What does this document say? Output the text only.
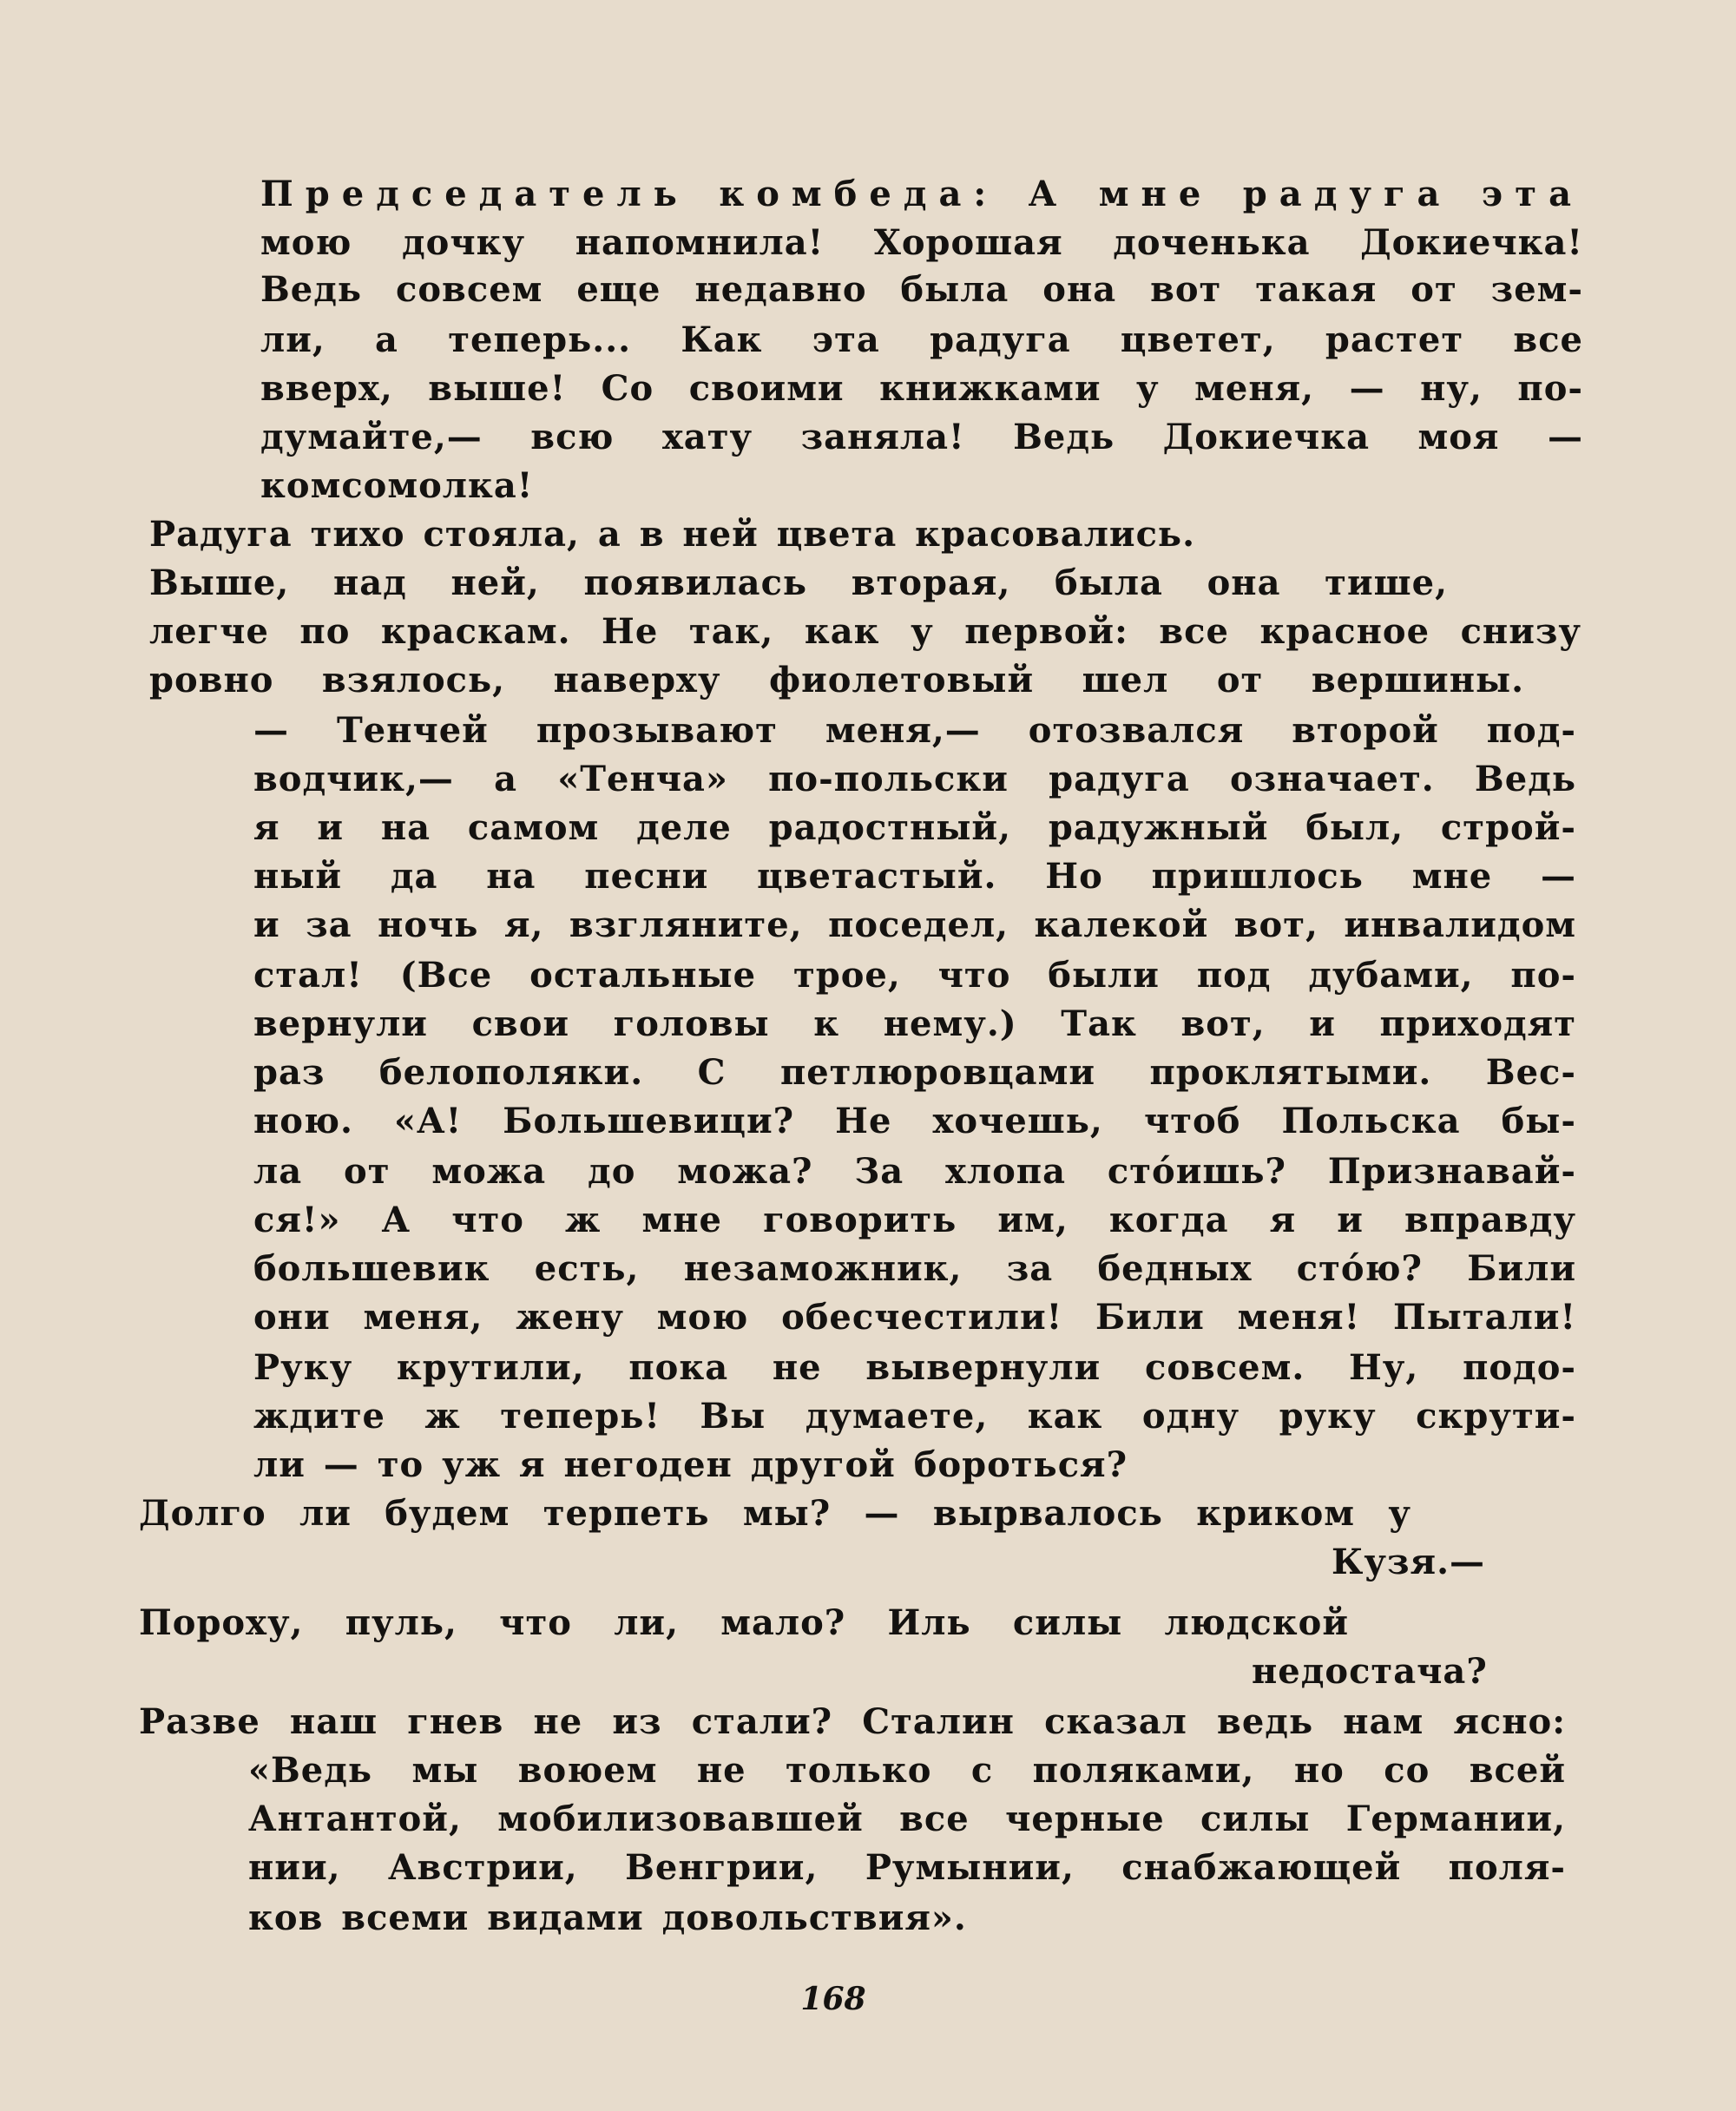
Председатель комбеда: А мне радуга эта
мою дочку напомнила! Хорошая доченька Докиечка!
Ведь совсем еще недавно была она вот такая от зем-
ли, а теперь... Как эта радуга цветет, растет все
вверх, выше! Со своими книжками у меня, — ну, по-
думайте,— всю хату заняла! Ведь Докиечка моя —
комсомолка!
Радуга тихо стояла, а в ней цвета красовались.
Выше, над ней, появилась вторая, была она тише,
легче по краскам. Не так, как у первой: все красное снизу
ровно взялось, наверху фиолетовый шел от вершины.
— Тенчей прозывают меня,— отозвался второй под-
водчик,— а «Тенча» по-польски радуга означает. Ведь
я и на самом деле радостный, радужный был, строй-
ный да на песни цветастый. Но пришлось мне —
и за ночь я, взгляните, поседел, калекой вот, инвалидом
стал! (Все остальные трое, что были под дубами, по-
вернули свои головы к нему.) Так вот, и приходят
раз белополяки. С петлюровцами проклятыми. Вес-
ною. «А! Большевици? Не хочешь, чтоб Польска бы-
ла от можа до можа? За хлопа стóишь? Признавай-
ся!» А что ж мне говорить им, когда я и вправду
большевик есть, незаможник, за бедных стóю? Били
они меня, жену мою обесчестили! Били меня! Пытали!
Руку крутили, пока не вывернули совсем. Ну, подо-
ждите ж теперь! Вы думаете, как одну руку скрути-
ли — то уж я негоден другой бороться?
Долго ли будем терпеть мы? — вырвалось криком у
Кузя.—
Пороху, пуль, что ли, мало? Иль силы людской
недостача?
Разве наш гнев не из стали? Сталин сказал ведь нам ясно:
«Ведь мы воюем не только с поляками, но со всей
Антантой, мобилизовавшей все черные силы Германии,
нии, Австрии, Венгрии, Румынии, снабжающей поля-
ков всеми видами довольствия».
168
